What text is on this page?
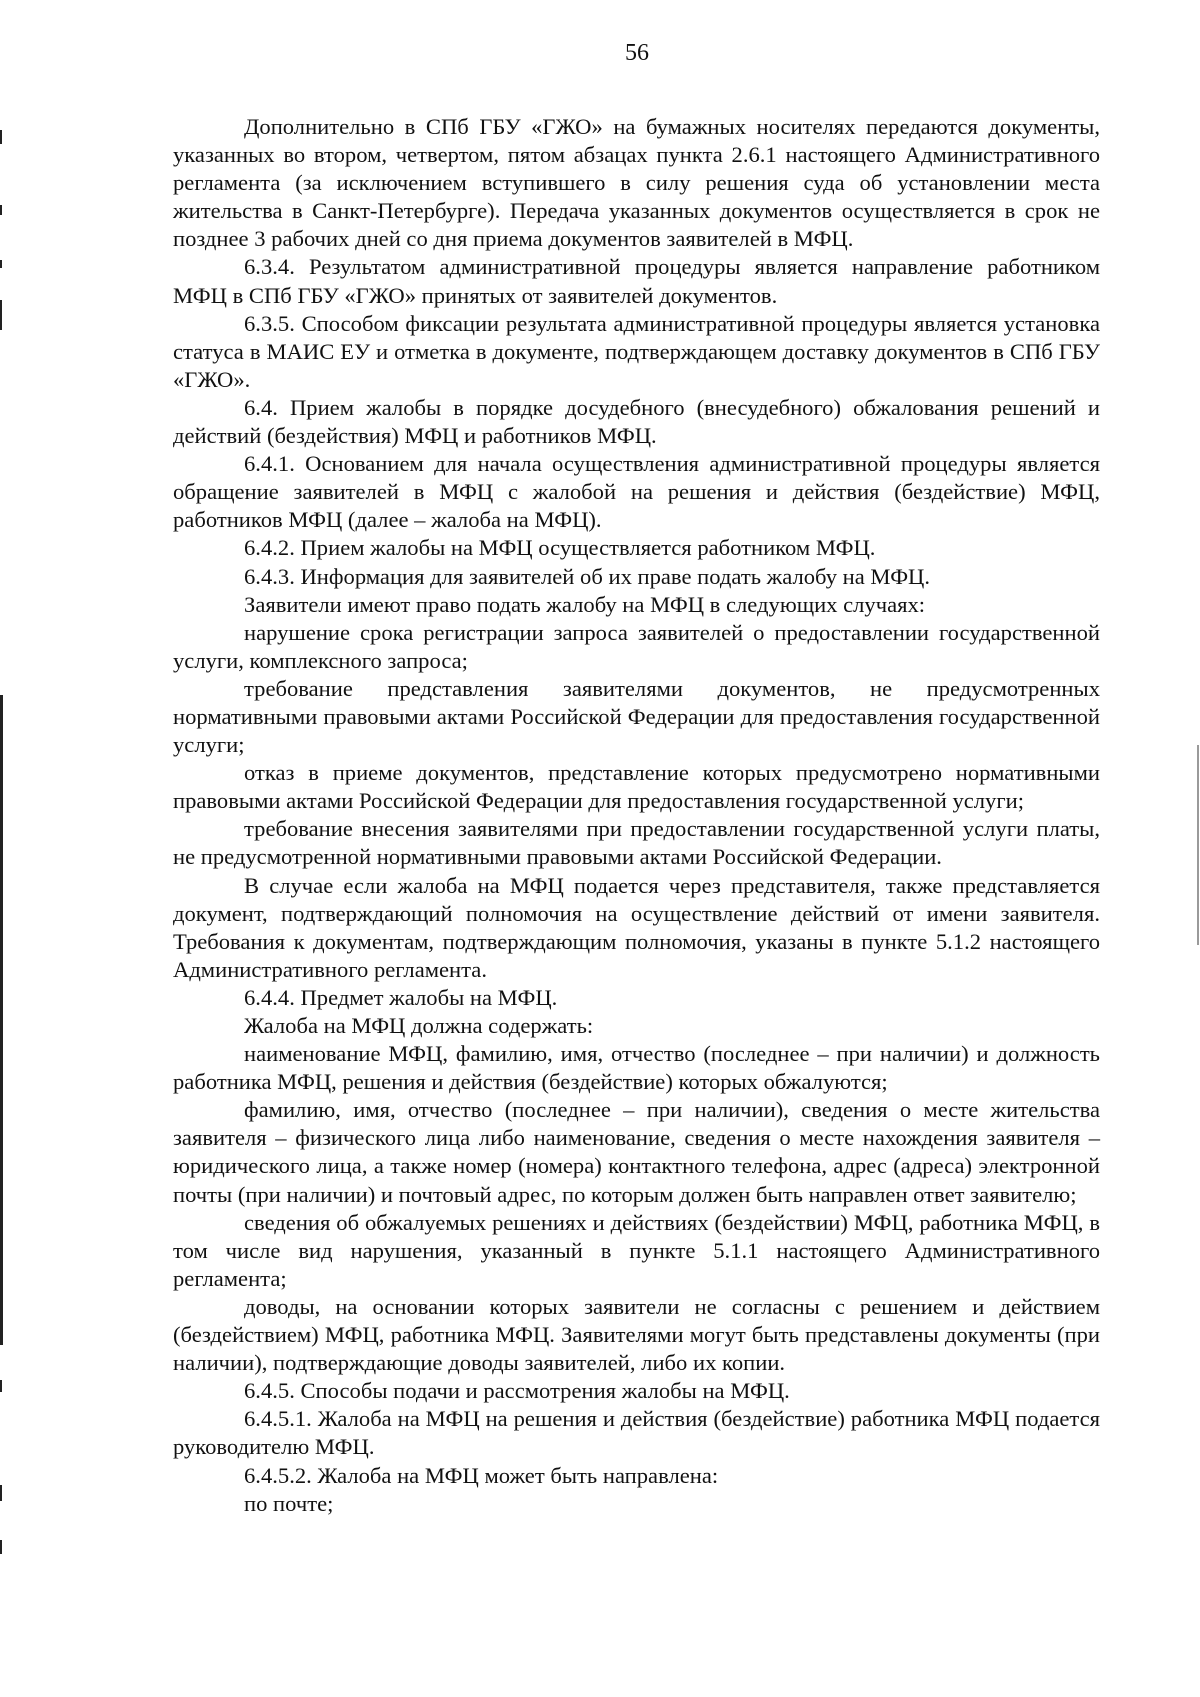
56

Дополнительно в СПб ГБУ «ГЖО» на бумажных носителях передаются документы, указанных во втором, четвертом, пятом абзацах пункта 2.6.1 настоящего Административного регламента (за исключением вступившего в силу решения суда об установлении места жительства в Санкт-Петербурге). Передача указанных документов осуществляется в срок не позднее 3 рабочих дней со дня приема документов заявителей в МФЦ.

6.3.4. Результатом административной процедуры является направление работником МФЦ в СПб ГБУ «ГЖО» принятых от заявителей документов.

6.3.5. Способом фиксации результата административной процедуры является установка статуса в МАИС ЕУ и отметка в документе, подтверждающем доставку документов в СПб ГБУ «ГЖО».

6.4. Прием жалобы в порядке досудебного (внесудебного) обжалования решений и действий (бездействия) МФЦ и работников МФЦ.

6.4.1. Основанием для начала осуществления административной процедуры является обращение заявителей в МФЦ с жалобой на решения и действия (бездействие) МФЦ, работников МФЦ (далее – жалоба на МФЦ).

6.4.2. Прием жалобы на МФЦ осуществляется работником МФЦ.

6.4.3. Информация для заявителей об их праве подать жалобу на МФЦ.

Заявители имеют право подать жалобу на МФЦ в следующих случаях:

нарушение срока регистрации запроса заявителей о предоставлении государственной услуги, комплексного запроса;

требование представления заявителями документов, не предусмотренных нормативными правовыми актами Российской Федерации для предоставления государственной услуги;

отказ в приеме документов, представление которых предусмотрено нормативными правовыми актами Российской Федерации для предоставления государственной услуги;

требование внесения заявителями при предоставлении государственной услуги платы, не предусмотренной нормативными правовыми актами Российской Федерации.

В случае если жалоба на МФЦ подается через представителя, также представляется документ, подтверждающий полномочия на осуществление действий от имени заявителя. Требования к документам, подтверждающим полномочия, указаны в пункте 5.1.2 настоящего Административного регламента.

6.4.4. Предмет жалобы на МФЦ.

Жалоба на МФЦ должна содержать:

наименование МФЦ, фамилию, имя, отчество (последнее – при наличии) и должность работника МФЦ, решения и действия (бездействие) которых обжалуются;

фамилию, имя, отчество (последнее – при наличии), сведения о месте жительства заявителя – физического лица либо наименование, сведения о месте нахождения заявителя – юридического лица, а также номер (номера) контактного телефона, адрес (адреса) электронной почты (при наличии) и почтовый адрес, по которым должен быть направлен ответ заявителю;

сведения об обжалуемых решениях и действиях (бездействии) МФЦ, работника МФЦ, в том числе вид нарушения, указанный в пункте 5.1.1 настоящего Административного регламента;

доводы, на основании которых заявители не согласны с решением и действием (бездействием) МФЦ, работника МФЦ. Заявителями могут быть представлены документы (при наличии), подтверждающие доводы заявителей, либо их копии.

6.4.5. Способы подачи и рассмотрения жалобы на МФЦ.

6.4.5.1. Жалоба на МФЦ на решения и действия (бездействие) работника МФЦ подается руководителю МФЦ.

6.4.5.2. Жалоба на МФЦ может быть направлена:

по почте;
